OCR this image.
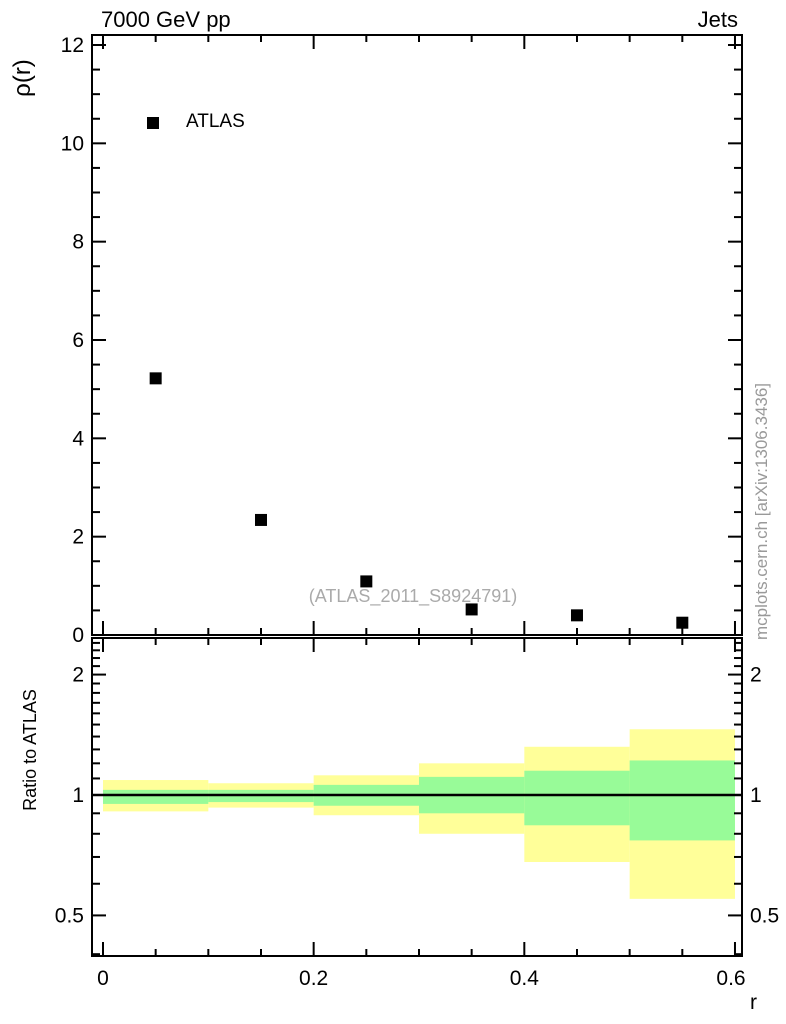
(ATLAS_2011_S8924791)
0
2
4
6
8
10
12
2	2
1	1
0.5	0.5
0	0.2	0.4	0.6
7000 GeV pp	Jets
ρ(r)
ATLAS
mcplots.cern.ch [arXiv:1306.3436]
Ratio to ATLAS
r
